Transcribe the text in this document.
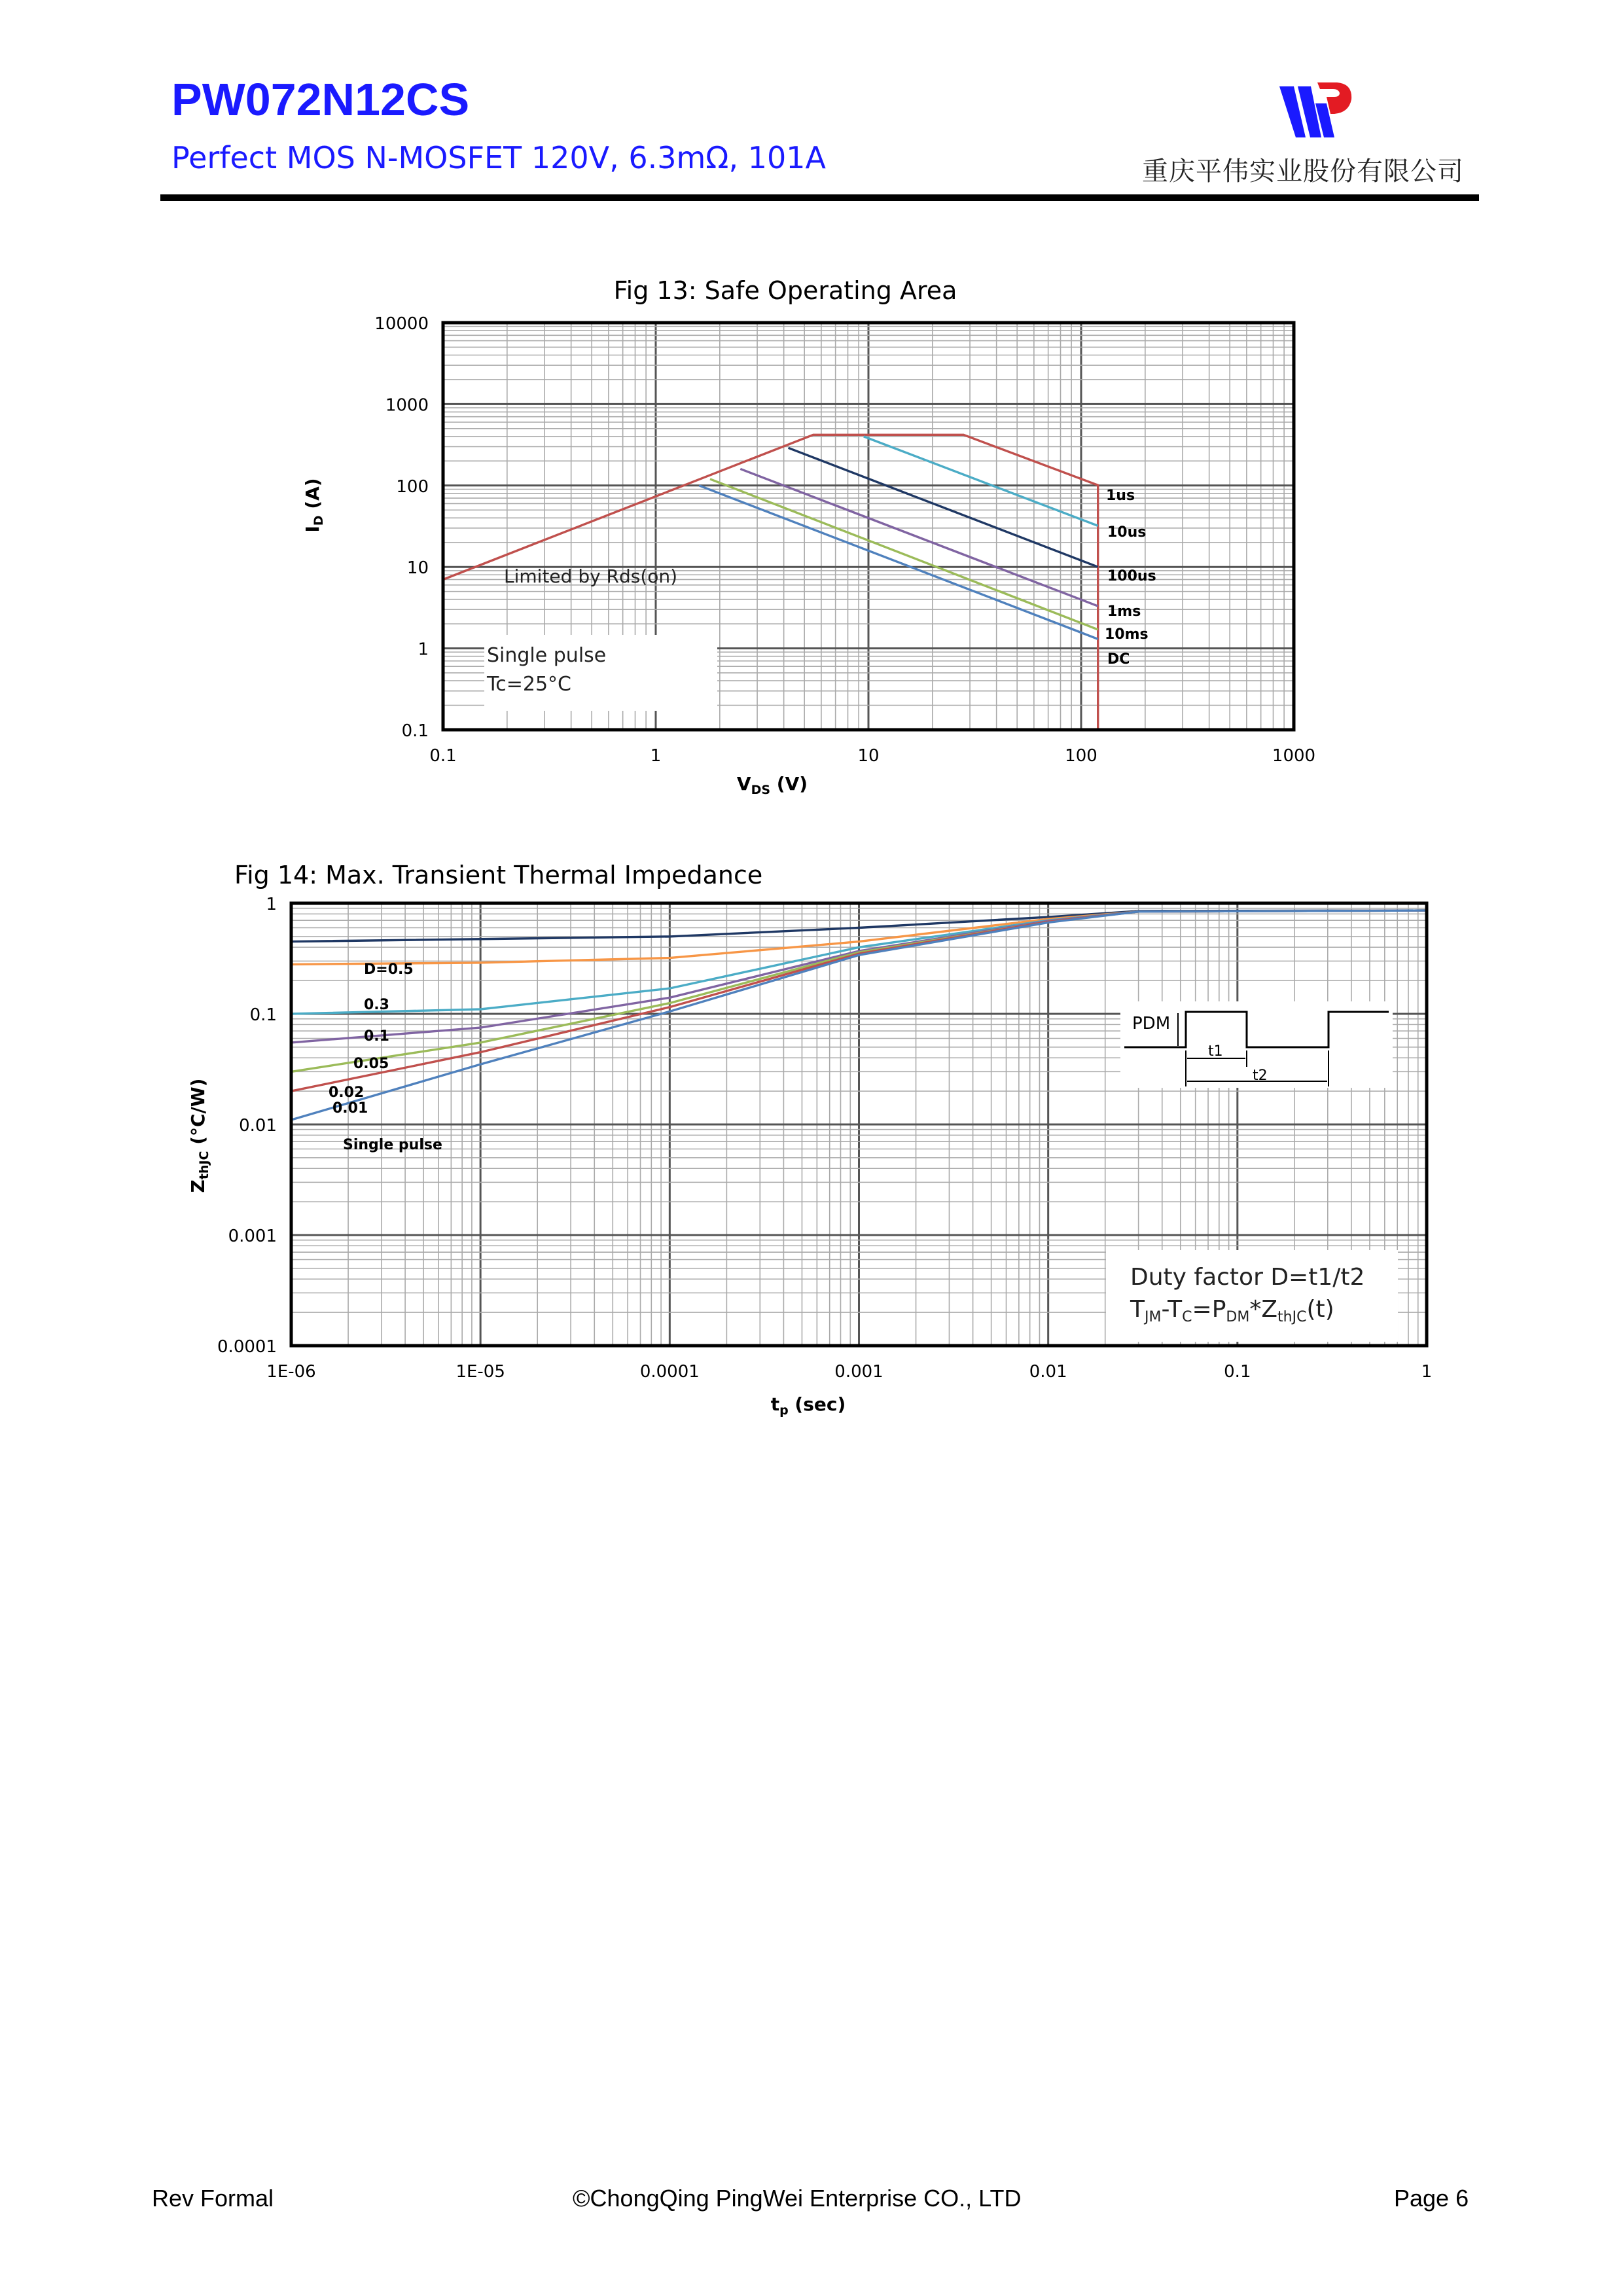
PW072N12CS
Perfect MOS N-MOSFET 120V, 6.3mΩ, 101A	重庆平伟实业股份有限公司
Fig 13: Safe Operating Area
0.1	1	10	100	1000
0.1
1
10
100
1000
10000
Limited by Rds(on)
Single pulse
Tc=25°C
1us
10us
100us
1ms
10ms
DC
$V_{DS}$ (V)
$I_D$ (A)
Fig 14: Max. Transient Thermal Impedance
1E-06	1E-05	0.0001	0.001	0.01	0.1	1
0.0001
0.001
0.01
0.1
1
PDM
t1
t2
Duty factor D=t1/t2
TJM-TC=PDM*ZthJC(t)
D=0.5
0.3
0.1
0.05
0.02
0.01
Single pulse
$t_p$ (sec)
$Z_{thJC}$ (°C/W)
Rev Formal	©ChongQing PingWei Enterprise CO., LTD	Page 6
